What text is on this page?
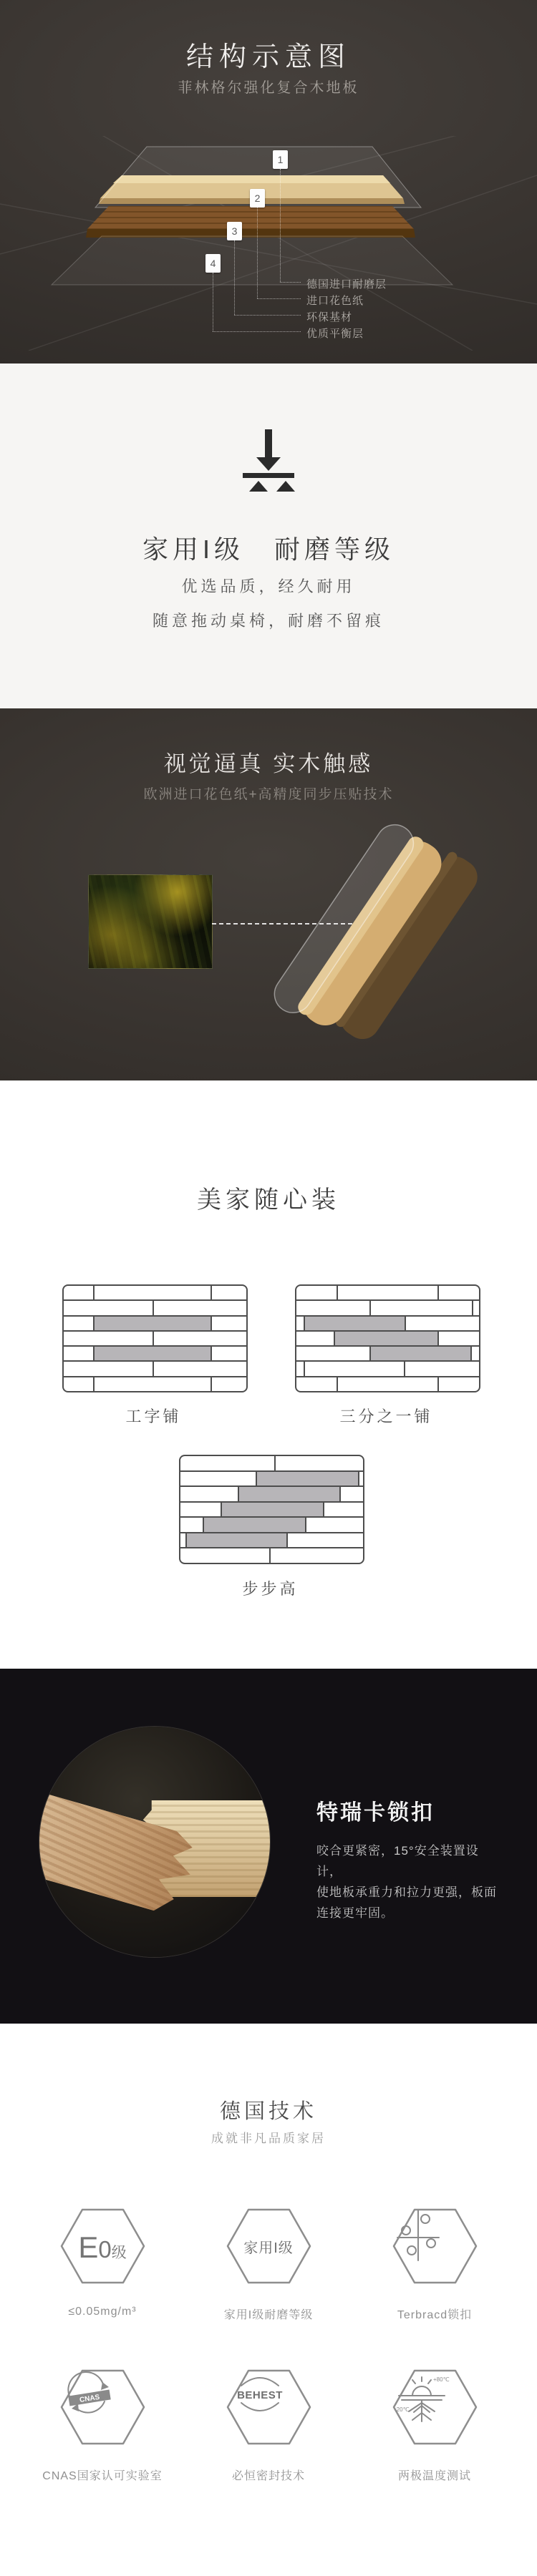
结构示意图
菲林格尔强化复合木地板
1
2
3
4
德国进口耐磨层
进口花色纸
环保基材
优质平衡层
家用I级　耐磨等级
优选品质，经久耐用
随意拖动桌椅，耐磨不留痕
视觉逼真 实木触感
欧洲进口花色纸+高精度同步压贴技术
美家随心装
工字铺	三分之一铺
步步高
特瑞卡锁扣
咬合更紧密，15°安全装置设计，
使地板承重力和拉力更强，板面
连接更牢固。
德国技术
成就非凡品质家居
E 0 级
≤0.05mg/m³
家用I级
家用I级耐磨等级	Terbracd锁扣
CNAS
CNAS国家认可实验室
BEHEST
必恒密封技术
+80℃
-20℃
两极温度测试
